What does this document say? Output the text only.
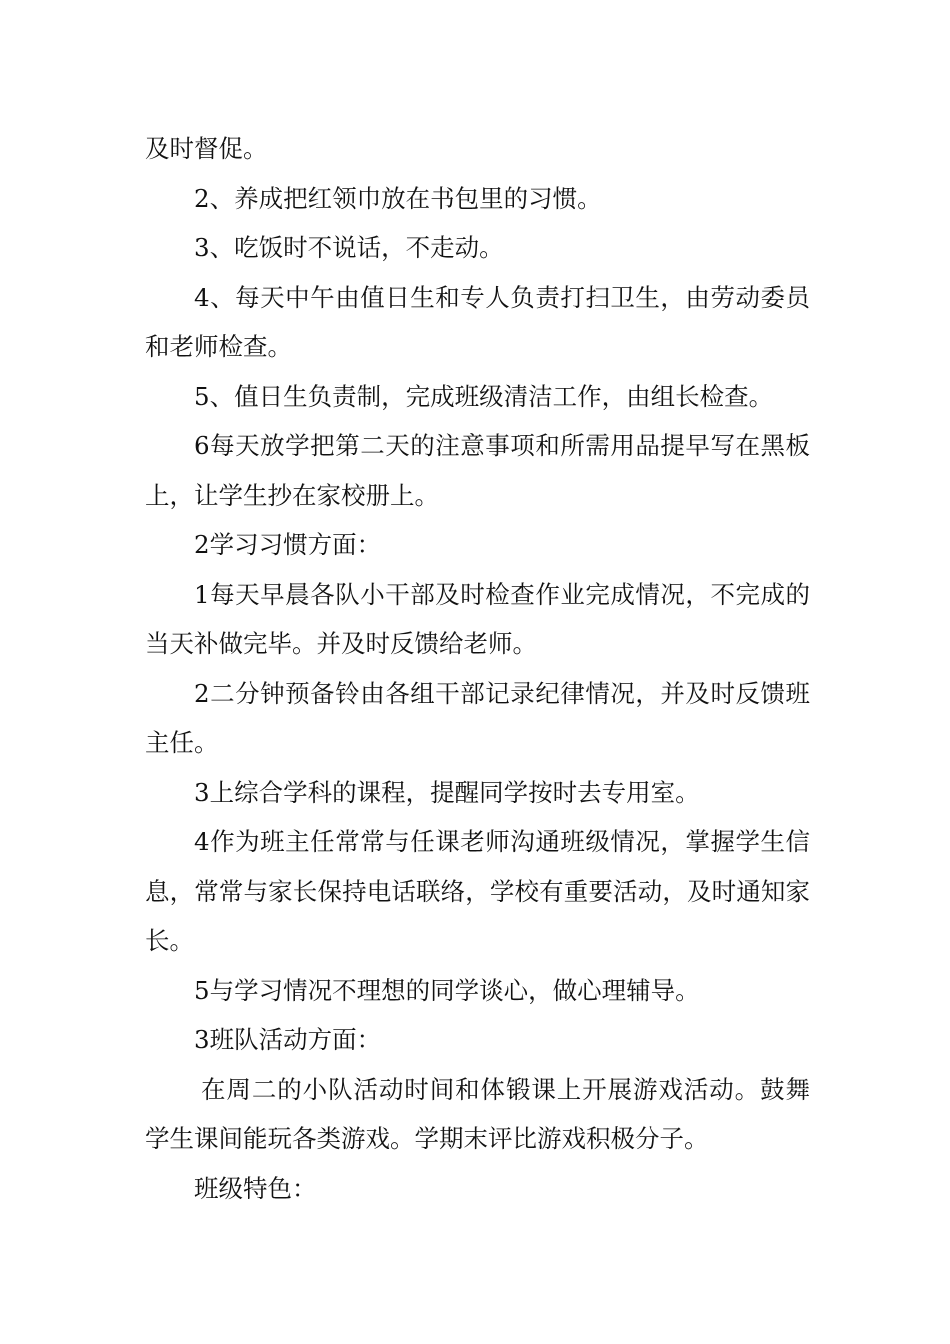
及时督促。

2、养成把红领巾放在书包里的习惯。

3、吃饭时不说话，不走动。

4、每天中午由值日生和专人负责打扫卫生，由劳动委员和老师检查。

5、值日生负责制，完成班级清洁工作，由组长检查。

6每天放学把第二天的注意事项和所需用品提早写在黑板上，让学生抄在家校册上。

2学习习惯方面：

1每天早晨各队小干部及时检查作业完成情况，不完成的当天补做完毕。并及时反馈给老师。

2二分钟预备铃由各组干部记录纪律情况，并及时反馈班主任。

3上综合学科的课程，提醒同学按时去专用室。

4作为班主任常常与任课老师沟通班级情况，掌握学生信息，常常与家长保持电话联络，学校有重要活动，及时通知家长。

5与学习情况不理想的同学谈心，做心理辅导。

3班队活动方面：

在周二的小队活动时间和体锻课上开展游戏活动。鼓舞学生课间能玩各类游戏。学期末评比游戏积极分子。

班级特色：
